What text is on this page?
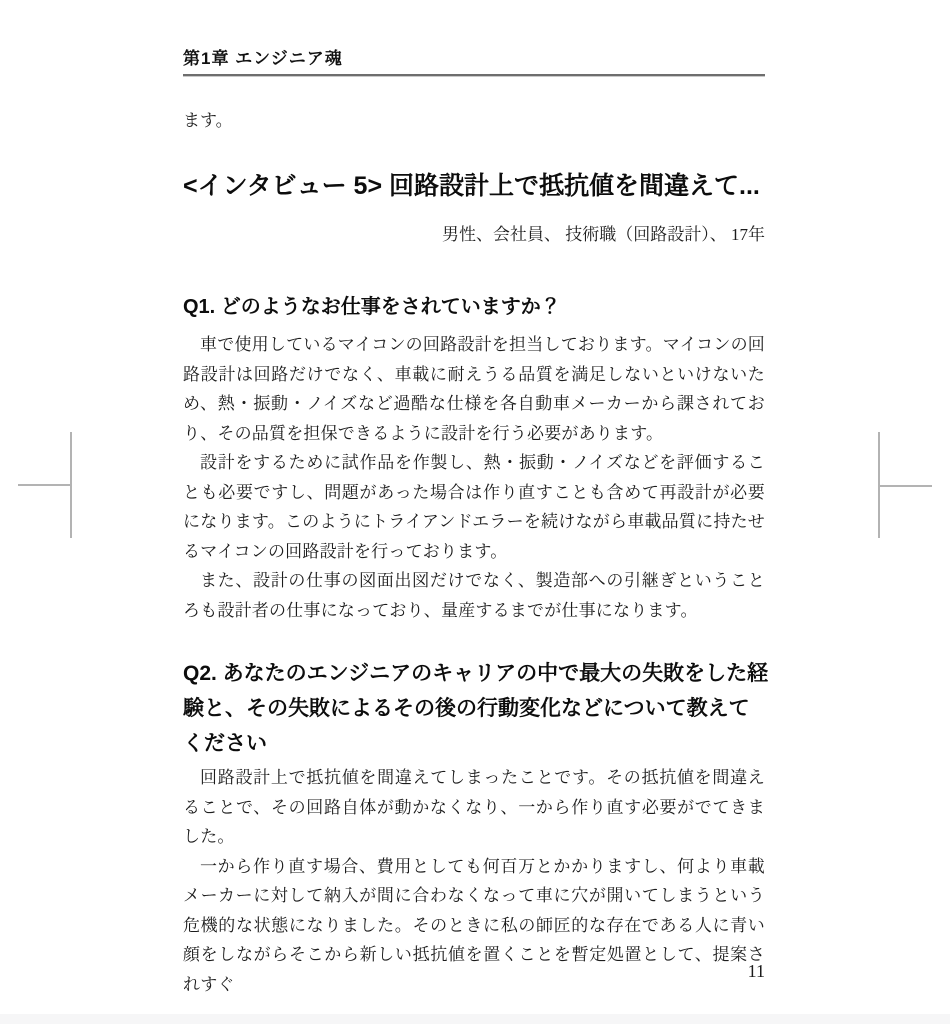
第1章 エンジニア魂
ます。
<インタビュー 5> 回路設計上で抵抗値を間違えて...
男性、会社員、 技術職（回路設計）、 17年
Q1. どのようなお仕事をされていますか？

車で使用しているマイコンの回路設計を担当しております。マイコンの回路設計は回路だけでなく、車載に耐えうる品質を満足しないといけないため、熱・振動・ノイズなど過酷な仕様を各自動車メーカーから課されており、その品質を担保できるように設計を行う必要があります。

設計をするために試作品を作製し、熱・振動・ノイズなどを評価することも必要ですし、問題があった場合は作り直すことも含めて再設計が必要になります。このようにトライアンドエラーを続けながら車載品質に持たせるマイコンの回路設計を行っております。

また、設計の仕事の図面出図だけでなく、製造部への引継ぎということろも設計者の仕事になっており、量産するまでが仕事になります。

Q2. あなたのエンジニアのキャリアの中で最大の失敗をした経験と、その失敗によるその後の行動変化などについて教えてください

回路設計上で抵抗値を間違えてしまったことです。その抵抗値を間違えることで、その回路自体が動かなくなり、一から作り直す必要がでてきました。

一から作り直す場合、費用としても何百万とかかりますし、何より車載メーカーに対して納入が間に合わなくなって車に穴が開いてしまうという危機的な状態になりました。そのときに私の師匠的な存在である人に青い顔をしながらそこから新しい抵抗値を置くことを暫定処置として、提案されすぐ

11
